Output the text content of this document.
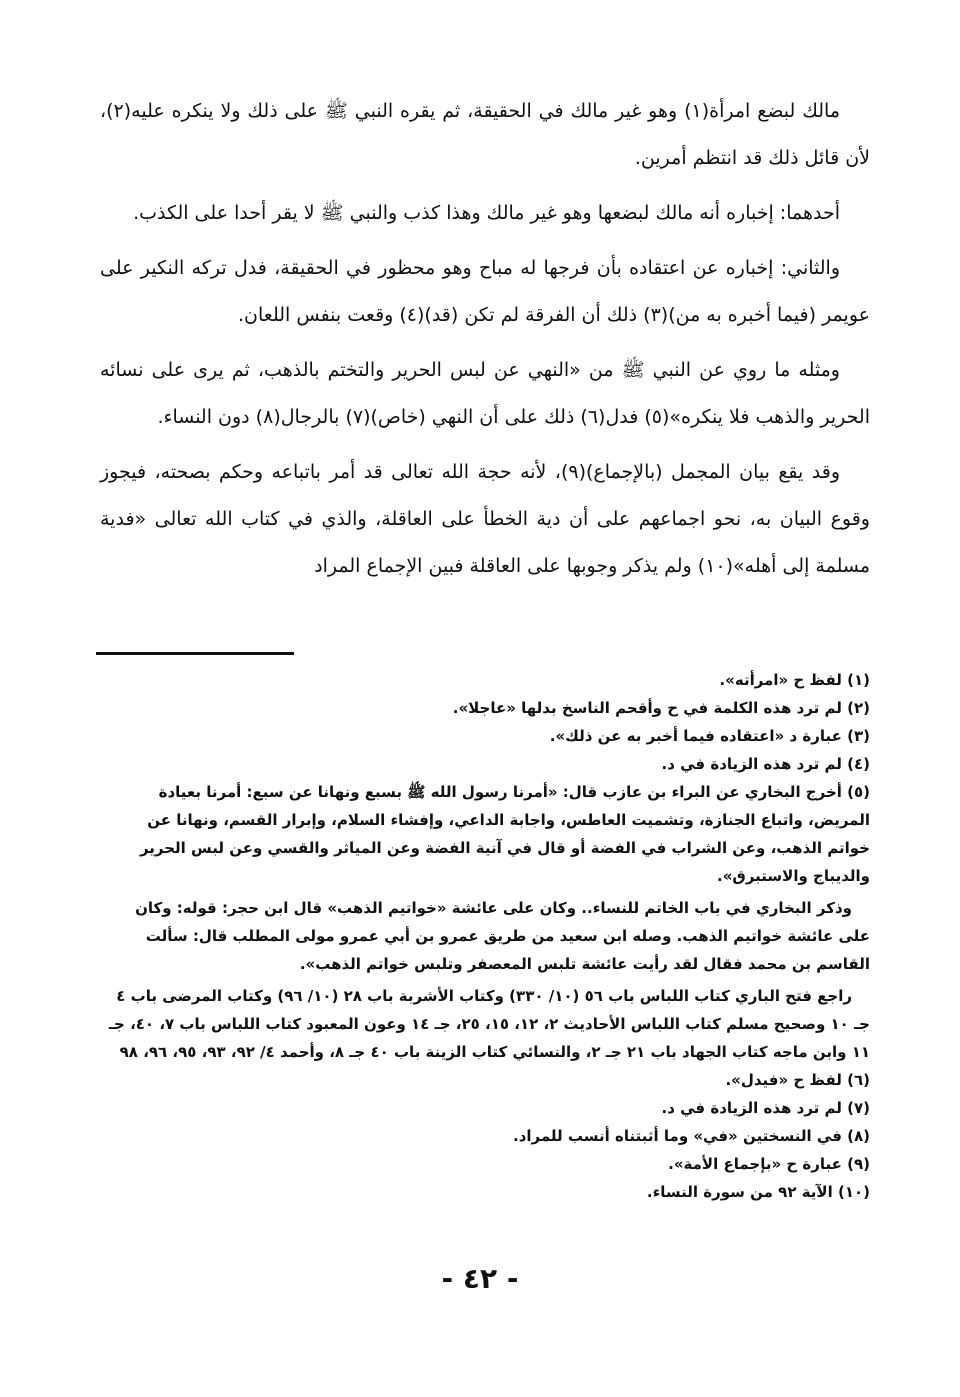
مالك لبضع امرأة(١) وهو غير مالك في الحقيقة، ثم يقره النبي ﷺ على ذلك ولا ينكره عليه(٢)، لأن قائل ذلك قد انتظم أمرين.

أحدهما: إخباره أنه مالك لبضعها وهو غير مالك وهذا كذب والنبي ﷺ لا يقر أحدا على الكذب.

والثاني: إخباره عن اعتقاده بأن فرجها له مباح وهو محظور في الحقيقة، فدل تركه النكير على عويمر (فيما أخبره به من)(٣) ذلك أن الفرقة لم تكن (قد)(٤) وقعت بنفس اللعان.

ومثله ما روي عن النبي ﷺ من «النهي عن لبس الحرير والتختم بالذهب، ثم يرى على نسائه الحرير والذهب فلا ينكره»(٥) فدل(٦) ذلك على أن النهي (خاص)(٧) بالرجال(٨) دون النساء.

وقد يقع بيان المجمل (بالإجماع)(٩)، لأنه حجة الله تعالى قد أمر باتباعه وحكم بصحته، فيجوز وقوع البيان به، نحو اجماعهم على أن دية الخطأ على العاقلة، والذي في كتاب الله تعالى «فدية مسلمة إلى أهله»(١٠) ولم يذكر وجوبها على العاقلة فبين الإجماع المراد

(١) لفظ ح «امرأته».

(٢) لم ترد هذه الكلمة في ح وأقحم الناسخ بدلها «عاجلا».

(٣) عبارة د «اعتقاده فيما أخبر به عن ذلك».

(٤) لم ترد هذه الزيادة في د.

(٥) أخرج البخاري عن البراء بن عازب قال: «أمرنا رسول الله ﷺ بسبع ونهانا عن سبع: أمرنا بعيادة المريض، واتباع الجنازة، وتشميت العاطس، واجابة الداعي، وإفشاء السلام، وإبرار القسم، ونهانا عن خواتم الذهب، وعن الشراب في الفضة أو قال في آنية الفضة وعن المياثر والقسي وعن لبس الحرير والديباج والاستبرق».

وذكر البخاري في باب الخاتم للنساء.. وكان على عائشة «خواتيم الذهب» قال ابن حجر: قوله: وكان على عائشة خواتيم الذهب. وصله ابن سعيد من طريق عمرو بن أبي عمرو مولى المطلب قال: سألت القاسم بن محمد فقال لقد رأيت عائشة تلبس المعصفر وتلبس خواتم الذهب».

راجع فتح الباري كتاب اللباس باب ٥٦ (١٠/ ٣٣٠) وكتاب الأشربة باب ٢٨ (١٠/ ٩٦) وكتاب المرضى باب ٤ جـ ١٠ وصحيح مسلم كتاب اللباس الأحاديث ٢، ١٢، ١٥، ٢٥، جـ ١٤ وعون المعبود كتاب اللباس باب ٧، ٤٠، جـ ١١ وابن ماجه كتاب الجهاد باب ٢١ جـ ٢، والنسائي كتاب الزينة باب ٤٠ جـ ٨، وأحمد ٤/ ٩٢، ٩٣، ٩٥، ٩٦، ٩٨

(٦) لفظ ح «فيدل».

(٧) لم ترد هذه الزيادة في د.

(٨) في النسختين «في» وما أثبتناه أنسب للمراد.

(٩) عبارة ح «بإجماع الأمة».

(١٠) الآية ٩٢ من سورة النساء.

- ٤٢ -
